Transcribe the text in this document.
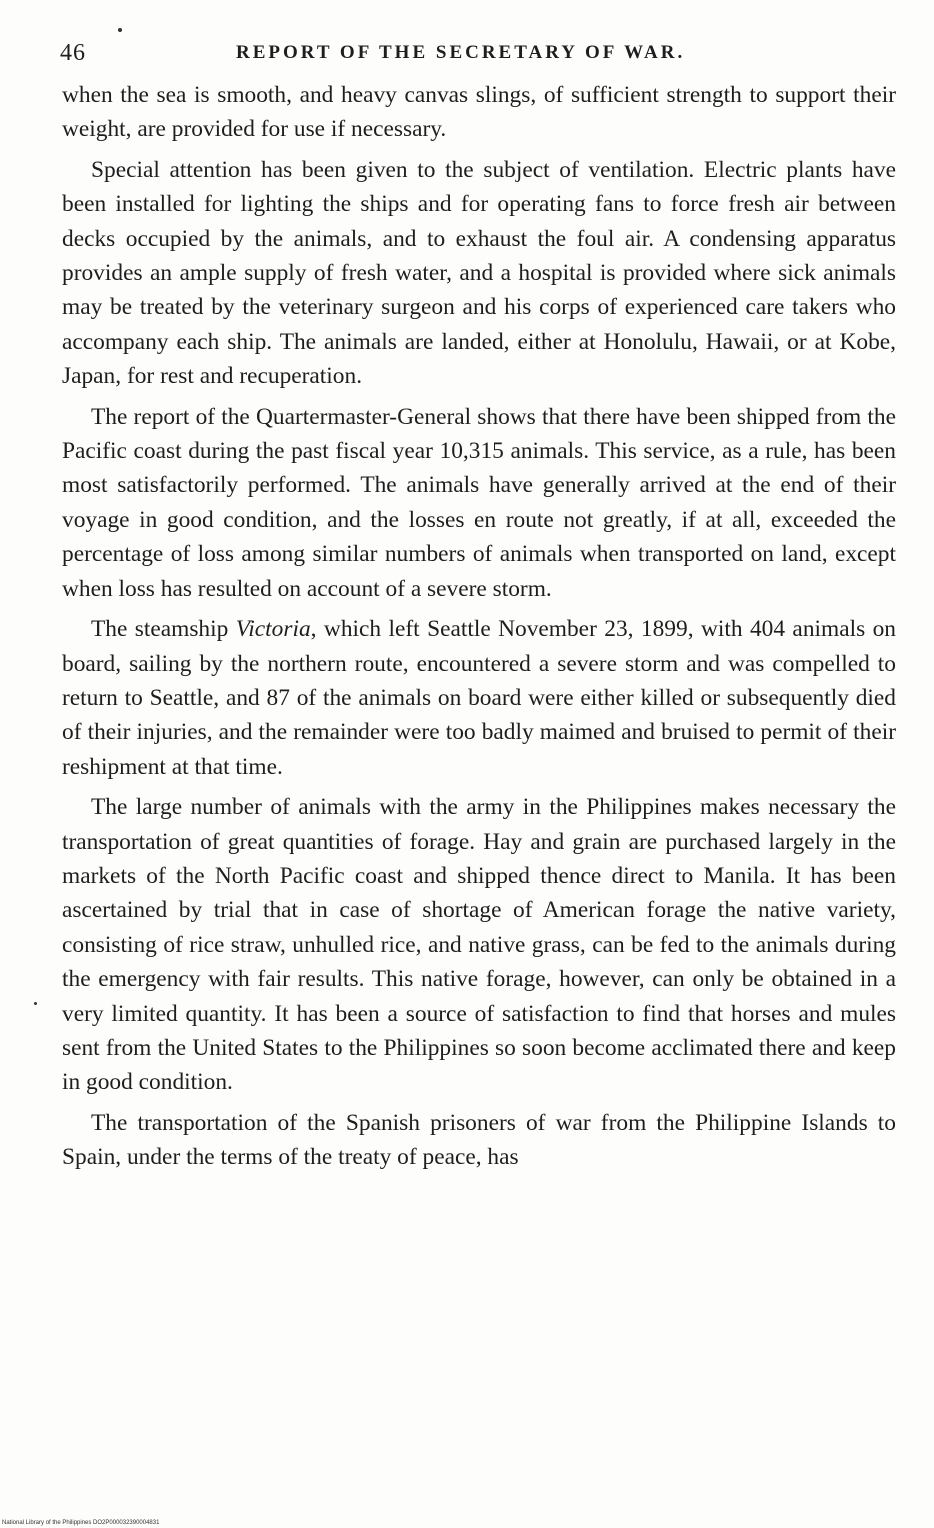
46	REPORT OF THE SECRETARY OF WAR.

when the sea is smooth, and heavy canvas slings, of sufficient strength to support their weight, are provided for use if necessary.

Special attention has been given to the subject of ventilation. Electric plants have been installed for lighting the ships and for operating fans to force fresh air between decks occupied by the animals, and to exhaust the foul air. A condensing apparatus provides an ample supply of fresh water, and a hospital is provided where sick animals may be treated by the veterinary surgeon and his corps of experienced care takers who accompany each ship. The animals are landed, either at Honolulu, Hawaii, or at Kobe, Japan, for rest and recuperation.

The report of the Quartermaster-General shows that there have been shipped from the Pacific coast during the past fiscal year 10,315 animals. This service, as a rule, has been most satisfactorily performed. The animals have generally arrived at the end of their voyage in good condition, and the losses en route not greatly, if at all, exceeded the percentage of loss among similar numbers of animals when transported on land, except when loss has resulted on account of a severe storm.

The steamship Victoria, which left Seattle November 23, 1899, with 404 animals on board, sailing by the northern route, encountered a severe storm and was compelled to return to Seattle, and 87 of the animals on board were either killed or subsequently died of their injuries, and the remainder were too badly maimed and bruised to permit of their reshipment at that time.

The large number of animals with the army in the Philippines makes necessary the transportation of great quantities of forage. Hay and grain are purchased largely in the markets of the North Pacific coast and shipped thence direct to Manila. It has been ascertained by trial that in case of shortage of American forage the native variety, consisting of rice straw, unhulled rice, and native grass, can be fed to the animals during the emergency with fair results. This native forage, however, can only be obtained in a very limited quantity. It has been a source of satisfaction to find that horses and mules sent from the United States to the Philippines so soon become acclimated there and keep in good condition.

The transportation of the Spanish prisoners of war from the Philippine Islands to Spain, under the terms of the treaty of peace, has

National Library of the Philippines DO2P000032390004831
